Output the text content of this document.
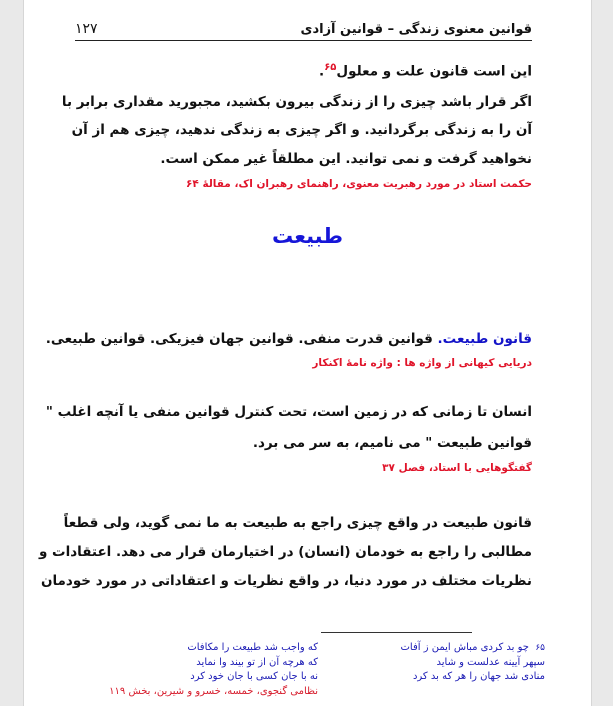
قوانین معنوی زندگی – قوانین آزادی
۱۲۷
این است قانون علت و معلول$^{۶۵}$.
اگر قرار باشد چیزی را از زندگی بیرون بکشید، مجبورید مقداری برابر با
آن را به زندگی برگردانید. و اگر چیزی به زندگی ندهید، چیزی هم از آن
نخواهید گرفت و نمی توانید. این مطلقاً غیر ممکن است.
حکمت استاد در مورد رهبریت معنوی، راهنمای رهبران اک، مقالهٔ ۶۴
طبیعت
قانون طبیعت. قوانین قدرت منفی. قوانین جهان فیزیکی. قوانین طبیعی.
دریایی کیهانی از واژه ها : واژه نامهٔ اکنکار
انسان تا زمانی که در زمین است، تحت کنترل قوانین منفی یا آنچه اغلب "
قوانین طبیعت " می نامیم، به سر می برد.
گفتگوهایی با استاد، فصل ۳۷
قانون طبیعت در واقع چیزی راجع به طبیعت به ما نمی گوید، ولی قطعاً
مطالبی را راجع به خودمان (انسان) در اختیارمان قرار می دهد. اعتقادات و
نظریات مختلف در مورد دنیا، در واقع نظریات و اعتقاداتی در مورد خودمان
۶۵  چو بد کردی مباش ایمن ز آفات
سپهر آیینه عدلست و شاید
منادی شد جهان را هر که بد کرد
که واجب شد طبیعت را مکافات
که هرچه آن از تو بیند وا نماید
نه با جان کسی با جان خود کرد
نظامی گنجوی، خمسه، خسرو و شیرین، بخش ۱۱۹
